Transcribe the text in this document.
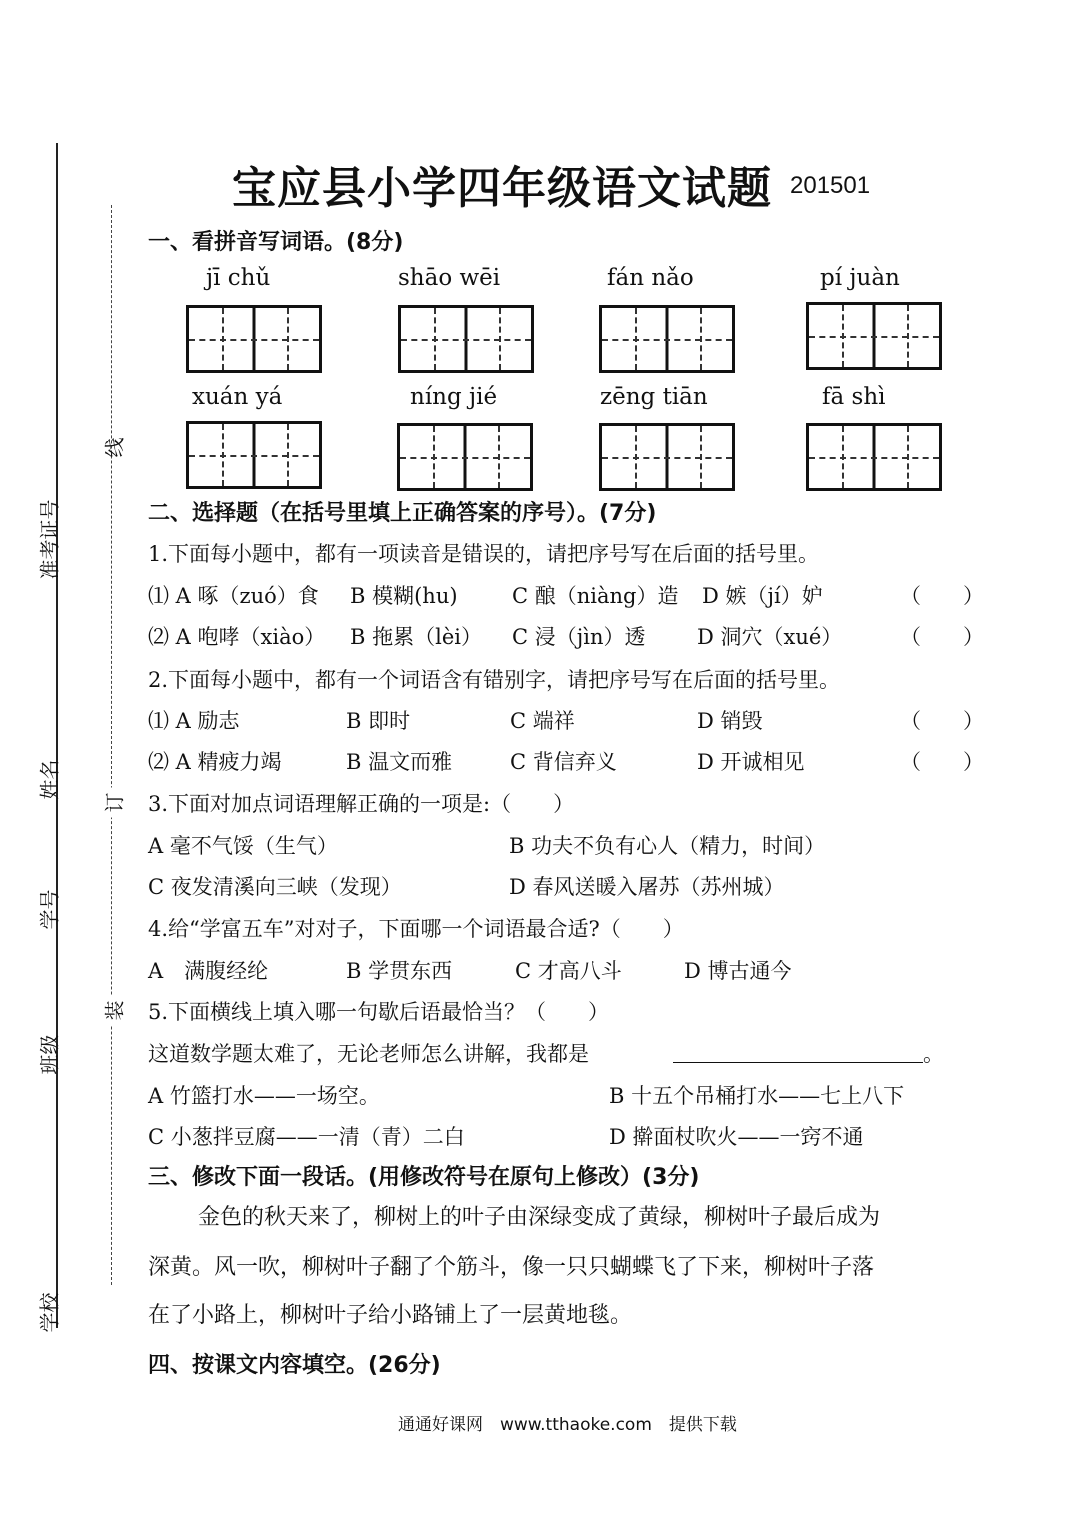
准考证号
姓名
学号
班级
学校
线
订
装
宝应县小学四年级语文试题 201501
一、看拼音写词语。(8分)
jī chǔ	shāo wēi	fán nǎo	pí juàn
xuán yá	níng jié	zēng tiān	fā shì
二、选择题（在括号里填上正确答案的序号）。(7分)
1.下面每小题中，都有一项读音是错误的，请把序号写在后面的括号里。
⑴ A 啄（zuó）食 B 模糊(hu)	C 酿（niàng）造 D 嫉（jí）妒	（　　）
⑵ A 咆哮（xiào） B 拖累（lèi） C 浸（jìn）透 D 洞穴（xué）	（　　）
2.下面每小题中，都有一个词语含有错别字，请把序号写在后面的括号里。
⑴ A 励志	B 即时	C 端祥	D 销毁	（　　）
⑵ A 精疲力竭	B 温文而雅	C 背信弃义	D 开诚相见	（　　）
3.下面对加点词语理解正确的一项是:（　　）
A 毫不气馁（生气）	B 功夫不负有心人（精力，时间）
C 夜发清溪向三峡（发现）	D 春风送暖入屠苏（苏州城）
4.给“学富五车”对对子，下面哪一个词语最合适?（　　）
A　满腹经纶	B 学贯东西	C 才高八斗	D 博古通今
5.下面横线上填入哪一句歇后语最恰当？（　　）
这道数学题太难了，无论老师怎么讲解，我都是	。
A 竹篮打水——一场空。	B 十五个吊桶打水——七上八下
C 小葱拌豆腐——一清（青）二白	D 擀面杖吹火——一窍不通
三、修改下面一段话。(用修改符号在原句上修改）(3分)
金色的秋天来了，柳树上的叶子由深绿变成了黄绿，柳树叶子最后成为
深黄。风一吹，柳树叶子翻了个筋斗，像一只只蝴蝶飞了下来，柳树叶子落
在了小路上，柳树叶子给小路铺上了一层黄地毯。
四、按课文内容填空。(26分)
通通好课网　www.tthaoke.com　提供下载
